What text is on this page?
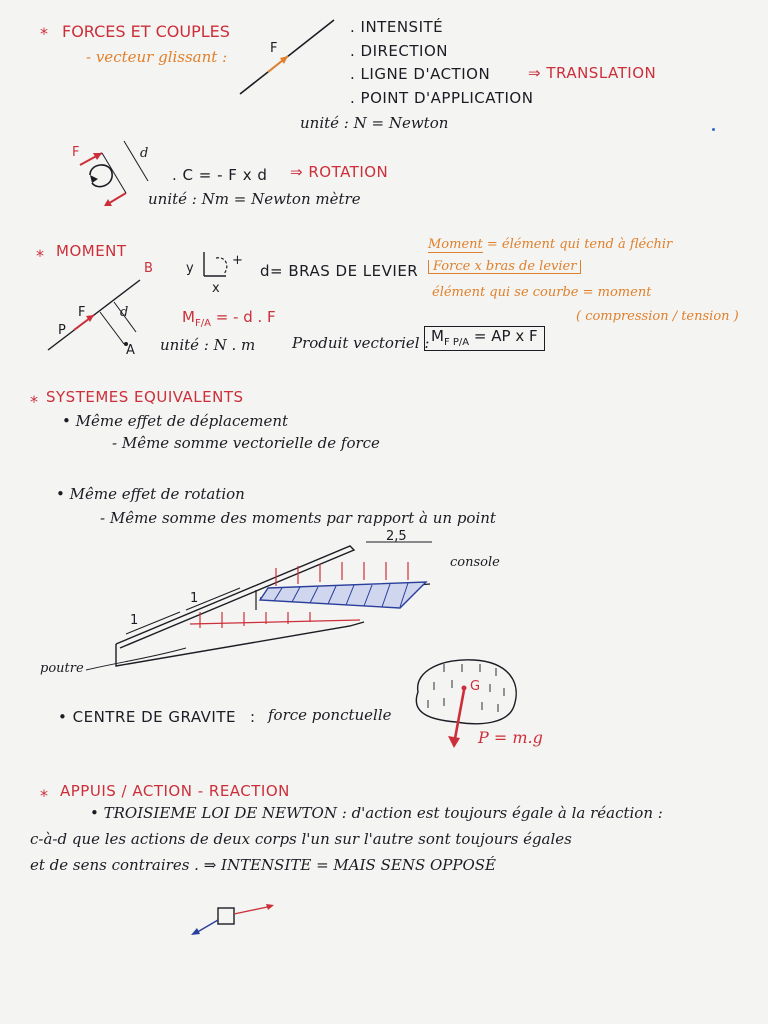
* FORCES ET COUPLES
- vecteur glissant :	F
. INTENSITÉ
. DIRECTION
. LIGNE D'ACTION	⇒ TRANSLATION
. POINT D'APPLICATION
unité : N = Newton
F	d
. C = - F x d ⇒ ROTATION
unité : Nm = Newton mètre
* MOMENT
B
F
P
d
A
y
x
+
d= BRAS DE LEVIER
Moment = élément qui tend à fléchir
Force x bras de levier
élément qui se courbe = moment
( compression / tension )
$M_{F/A}$ = - d . F
unité : N . m Produit vectoriel : $M_{F P/A}$ = AP x F
* SYSTEMES EQUIVALENTS
• Même effet de déplacement
- Même somme vectorielle de force
• Même effet de rotation
- Même somme des moments par rapport à un point
2,5
console
poutre
1
1
• CENTRE DE GRAVITE : force ponctuelle
G
P = m.g
* APPUIS / ACTION - REACTION
• TROISIEME LOI DE NEWTON : d'action est toujours égale à la réaction :
c-à-d que les actions de deux corps l'un sur l'autre sont toujours égales
et de sens contraires . ⇒ INTENSITE = MAIS SENS OPPOSÉ
